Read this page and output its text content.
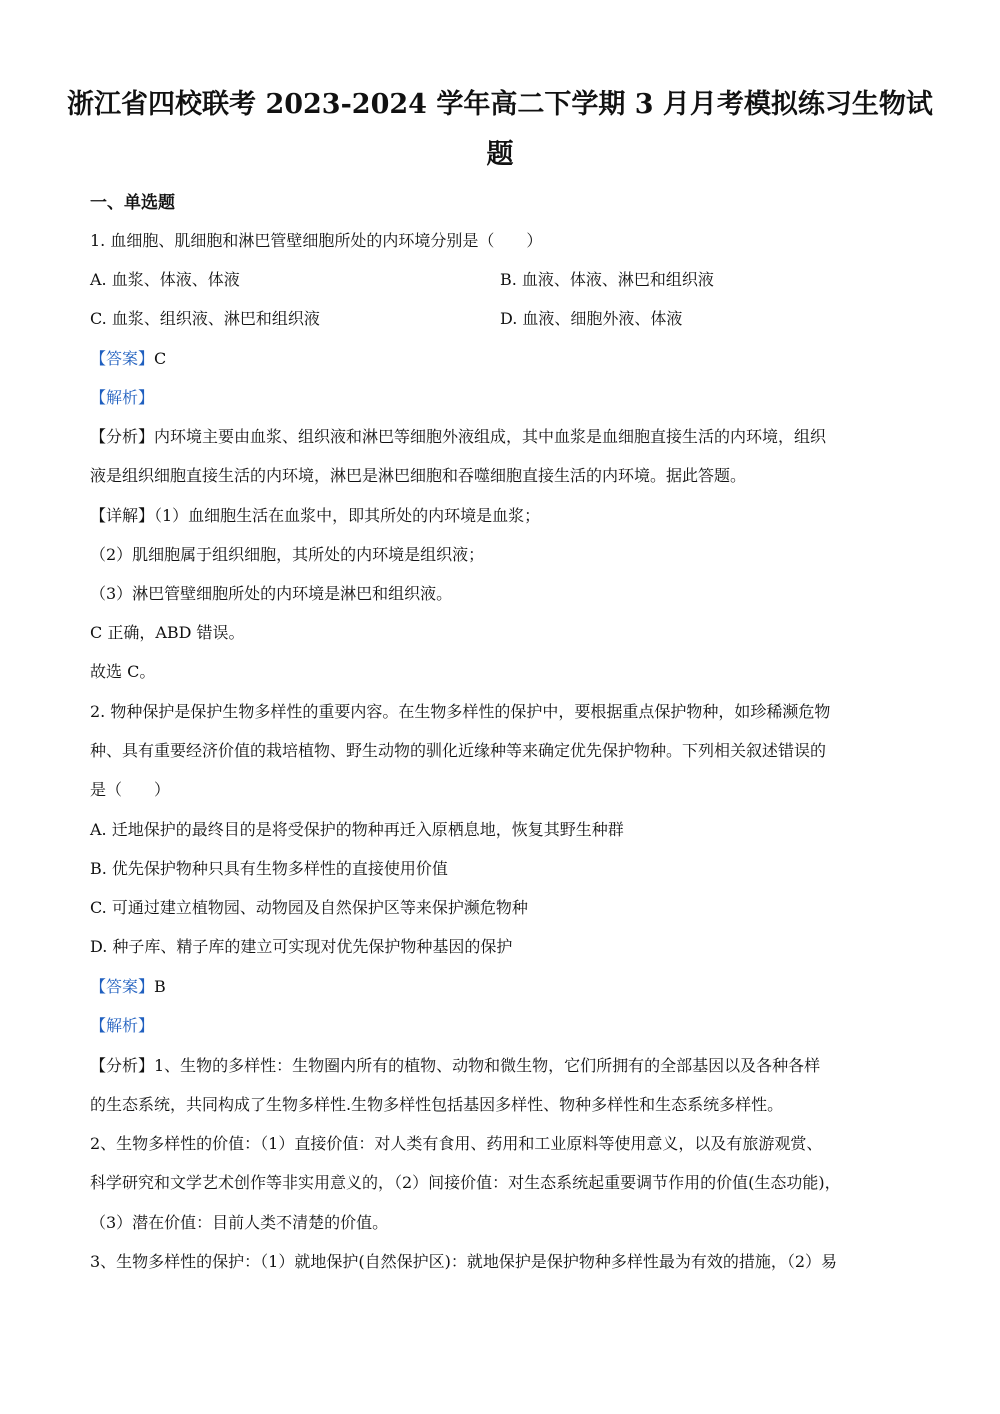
浙江省四校联考 2023-2024 学年高二下学期 3 月月考模拟练习生物试
题
一、单选题
1. 血细胞、肌细胞和淋巴管壁细胞所处的内环境分别是（　　）
A. 血浆、体液、体液	B. 血液、体液、淋巴和组织液
C. 血浆、组织液、淋巴和组织液	D. 血液、细胞外液、体液
【答案】C
【解析】
【分析】内环境主要由血浆、组织液和淋巴等细胞外液组成，其中血浆是血细胞直接生活的内环境，组织
液是组织细胞直接生活的内环境，淋巴是淋巴细胞和吞噬细胞直接生活的内环境。据此答题。
【详解】（1）血细胞生活在血浆中，即其所处的内环境是血浆；
（2）肌细胞属于组织细胞，其所处的内环境是组织液；
（3）淋巴管壁细胞所处的内环境是淋巴和组织液。
C 正确，ABD 错误。
故选 C。
2. 物种保护是保护生物多样性的重要内容。在生物多样性的保护中，要根据重点保护物种，如珍稀濒危物
种、具有重要经济价值的栽培植物、野生动物的驯化近缘种等来确定优先保护物种。下列相关叙述错误的
是（　　）
A. 迁地保护的最终目的是将受保护的物种再迁入原栖息地，恢复其野生种群
B. 优先保护物种只具有生物多样性的直接使用价值
C. 可通过建立植物园、动物园及自然保护区等来保护濒危物种
D. 种子库、精子库的建立可实现对优先保护物种基因的保护
【答案】B
【解析】
【分析】1、生物的多样性：生物圈内所有的植物、动物和微生物，它们所拥有的全部基因以及各种各样
的生态系统，共同构成了生物多样性.生物多样性包括基因多样性、物种多样性和生态系统多样性。
2、生物多样性的价值：（1）直接价值：对人类有食用、药用和工业原料等使用意义，以及有旅游观赏、
科学研究和文学艺术创作等非实用意义的，（2）间接价值：对生态系统起重要调节作用的价值(生态功能)，
（3）潜在价值：目前人类不清楚的价值。
3、生物多样性的保护：（1）就地保护(自然保护区)：就地保护是保护物种多样性最为有效的措施，（2）易
